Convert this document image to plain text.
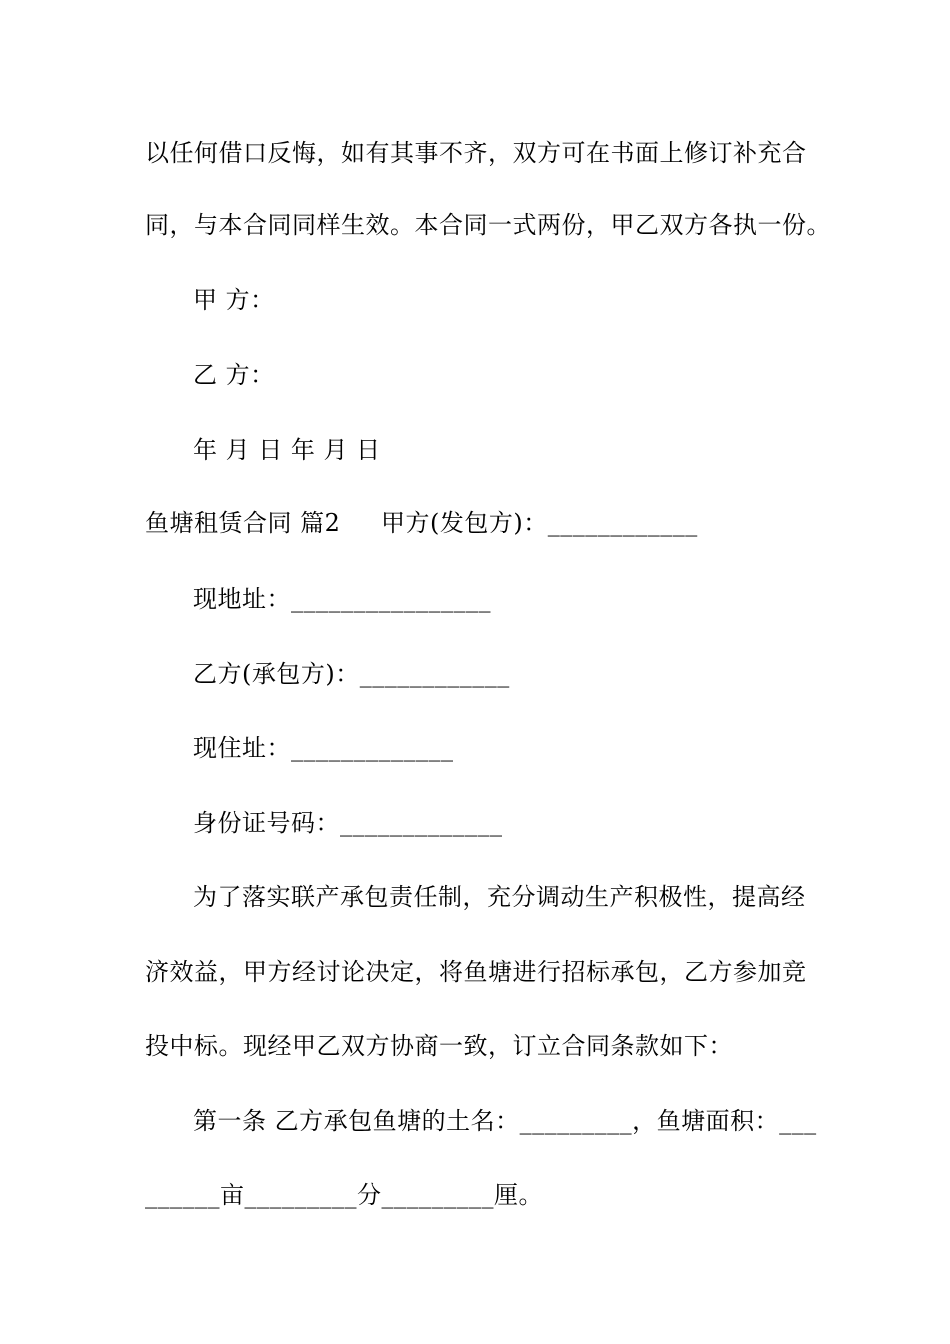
以任何借口反悔，如有其事不齐，双方可在书面上修订补充合
同，与本合同同样生效。本合同一式两份，甲乙双方各执一份。
甲 方：
乙 方：
年 月 日 年 月 日
鱼塘租赁合同 篇2     甲方(发包方)：____________
现地址：________________
乙方(承包方)：____________
现住址：_____________
身份证号码：_____________
为了落实联产承包责任制，充分调动生产积极性，提高经
济效益，甲方经讨论决定，将鱼塘进行招标承包，乙方参加竞
投中标。现经甲乙双方协商一致，订立合同条款如下：
第一条 乙方承包鱼塘的土名：_________，鱼塘面积：___
______亩_________分_________厘。
